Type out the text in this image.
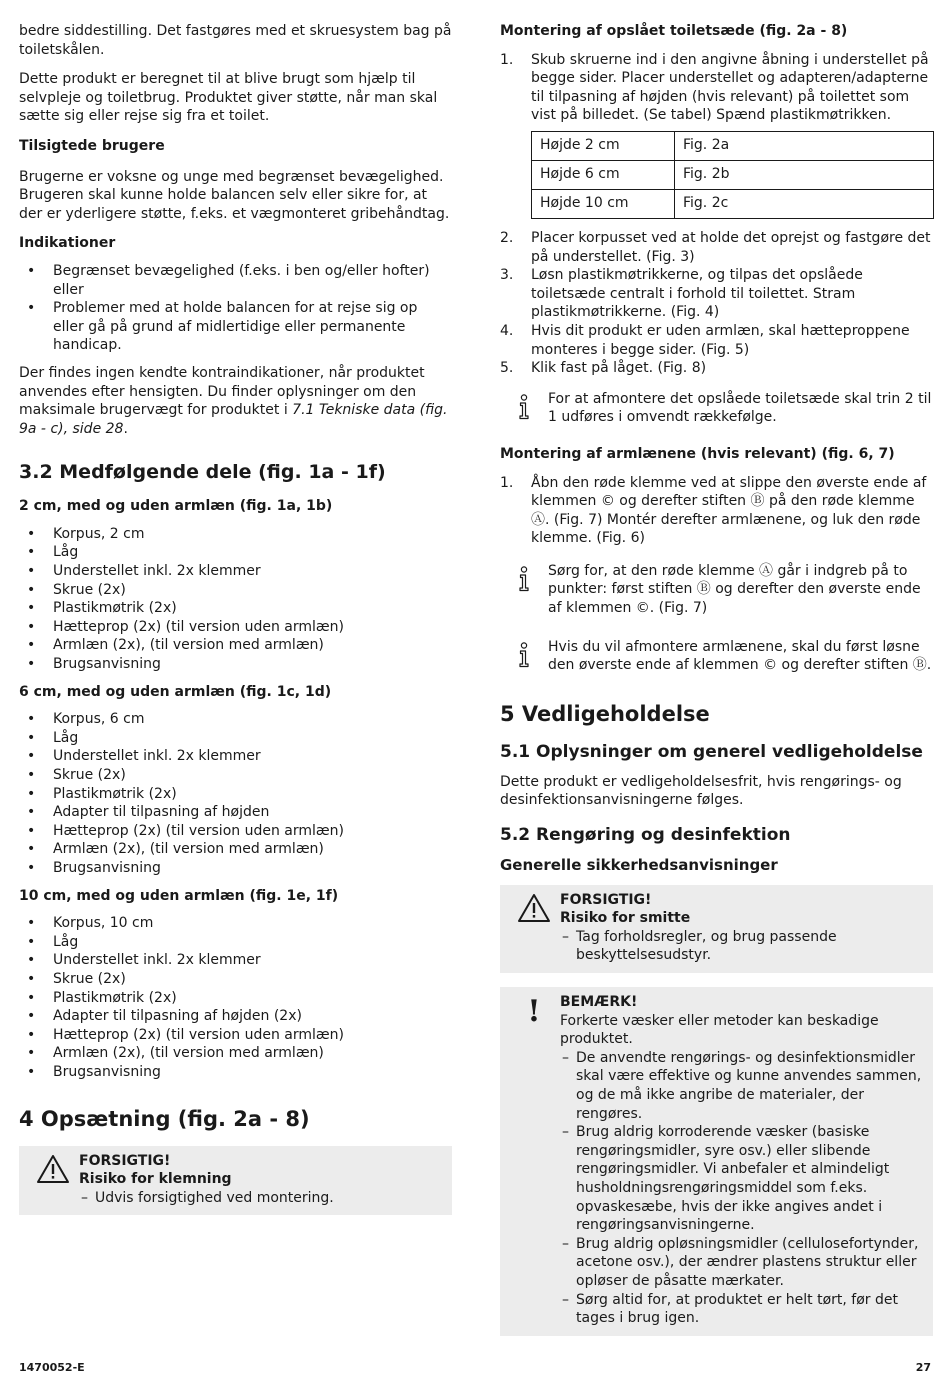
bedre siddestilling. Det fastgøres med et skruesystem bag på toiletskålen.

Dette produkt er beregnet til at blive brugt som hjælp til selvpleje og toiletbrug. Produktet giver støtte, når man skal sætte sig eller rejse sig fra et toilet.

Tilsigtede brugere

Brugerne er voksne og unge med begrænset bevægelighed. Brugeren skal kunne holde balancen selv eller sikre for, at der er yderligere støtte, f.eks. et vægmonteret gribehåndtag.

Indikationer
• Begrænset bevægelighed (f.eks. i ben og/eller hofter) eller
• Problemer med at holde balancen for at rejse sig op eller gå på grund af midlertidige eller permanente handicap.

Der findes ingen kendte kontraindikationer, når produktet anvendes efter hensigten. Du finder oplysninger om den maksimale brugervægt for produktet i 7.1 Tekniske data (fig. 9a - c), side 28.

3.2 Medfølgende dele (fig. 1a - 1f)
2 cm, med og uden armlæn (fig. 1a, 1b)
• Korpus, 2 cm
• Låg
• Understellet inkl. 2x klemmer
• Skrue (2x)
• Plastikmøtrik (2x)
• Hætteprop (2x) (til version uden armlæn)
• Armlæn (2x), (til version med armlæn)
• Brugsanvisning
6 cm, med og uden armlæn (fig. 1c, 1d)
• Korpus, 6 cm
• Låg
• Understellet inkl. 2x klemmer
• Skrue (2x)
• Plastikmøtrik (2x)
• Adapter til tilpasning af højden
• Hætteprop (2x) (til version uden armlæn)
• Armlæn (2x), (til version med armlæn)
• Brugsanvisning
10 cm, med og uden armlæn (fig. 1e, 1f)
• Korpus, 10 cm
• Låg
• Understellet inkl. 2x klemmer
• Skrue (2x)
• Plastikmøtrik (2x)
• Adapter til tilpasning af højden (2x)
• Hætteprop (2x) (til version uden armlæn)
• Armlæn (2x), (til version med armlæn)
• Brugsanvisning
4 Opsætning (fig. 2a - 8)
FORSIGTIG!
Risiko for klemning
– Udvis forsigtighed ved montering.
Montering af opslået toiletsæde (fig. 2a - 8)
1. Skub skruerne ind i den angivne åbning i understellet på begge sider. Placer understellet og adapteren/adapterne til tilpasning af højden (hvis relevant) på toilettet som vist på billedet. (Se tabel) Spænd plastikmøtrikken.
Højde 2 cm	Fig. 2a
Højde 6 cm	Fig. 2b
Højde 10 cm	Fig. 2c
2. Placer korpusset ved at holde det oprejst og fastgøre det på understellet. (Fig. 3)
3. Løsn plastikmøtrikkerne, og tilpas det opslåede toiletsæde centralt i forhold til toilettet. Stram plastikmøtrikkerne. (Fig. 4)
4. Hvis dit produkt er uden armlæn, skal hætteproppene monteres i begge sider. (Fig. 5)
5. Klik fast på låget. (Fig. 8)
For at afmontere det opslåede toiletsæde skal trin 2 til 1 udføres i omvendt rækkefølge.
Montering af armlænene (hvis relevant) (fig. 6, 7)
1. Åbn den røde klemme ved at slippe den øverste ende af klemmen © og derefter stiften Ⓑ på den røde klemme Ⓐ. (Fig. 7) Montér derefter armlænene, og luk den røde klemme. (Fig. 6)
Sørg for, at den røde klemme Ⓐ går i indgreb på to punkter: først stiften Ⓑ og derefter den øverste ende af klemmen ©. (Fig. 7)
Hvis du vil afmontere armlænene, skal du først løsne den øverste ende af klemmen © og derefter stiften Ⓑ.
5 Vedligeholdelse
5.1 Oplysninger om generel vedligeholdelse

Dette produkt er vedligeholdelsesfrit, hvis rengørings- og desinfektionsanvisningerne følges.

5.2 Rengøring og desinfektion
Generelle sikkerhedsanvisninger
FORSIGTIG!
Risiko for smitte
– Tag forholdsregler, og brug passende beskyttelsesudstyr.
! BEMÆRK!
Forkerte væsker eller metoder kan beskadige produktet.
– De anvendte rengørings- og desinfektionsmidler skal være effektive og kunne anvendes sammen, og de må ikke angribe de materialer, der rengøres.
– Brug aldrig korroderende væsker (basiske rengøringsmidler, syre osv.) eller slibende rengøringsmidler. Vi anbefaler et almindeligt husholdningsrengøringsmiddel som f.eks. opvaskesæbe, hvis der ikke angives andet i rengøringsanvisningerne.
– Brug aldrig opløsningsmidler (cellulosefortynder, acetone osv.), der ændrer plastens struktur eller opløser de påsatte mærkater.
– Sørg altid for, at produktet er helt tørt, før det tages i brug igen.
1470052-E	27
